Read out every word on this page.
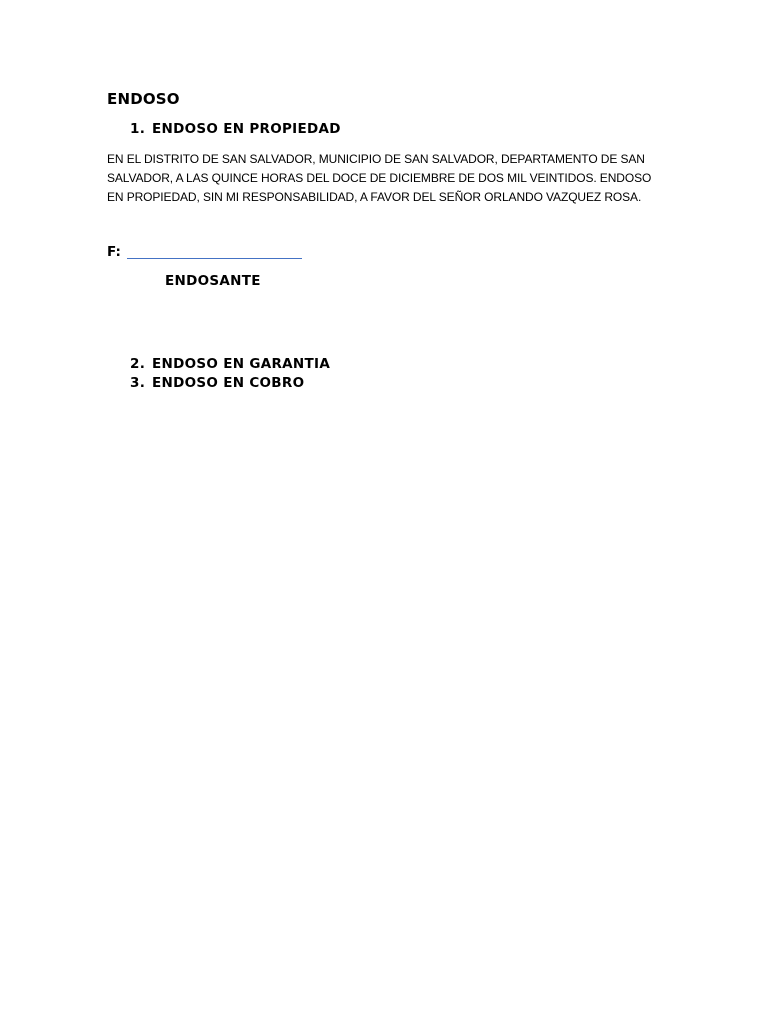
ENDOSO
1. ENDOSO EN PROPIEDAD
EN EL DISTRITO DE SAN SALVADOR, MUNICIPIO DE SAN SALVADOR, DEPARTAMENTO DE SAN SALVADOR, A LAS QUINCE HORAS DEL DOCE DE DICIEMBRE DE DOS MIL VEINTIDOS. ENDOSO EN PROPIEDAD, SIN MI RESPONSABILIDAD, A FAVOR DEL SEÑOR ORLANDO VAZQUEZ ROSA.
F:
ENDOSANTE
2. ENDOSO EN GARANTIA
3. ENDOSO EN COBRO
